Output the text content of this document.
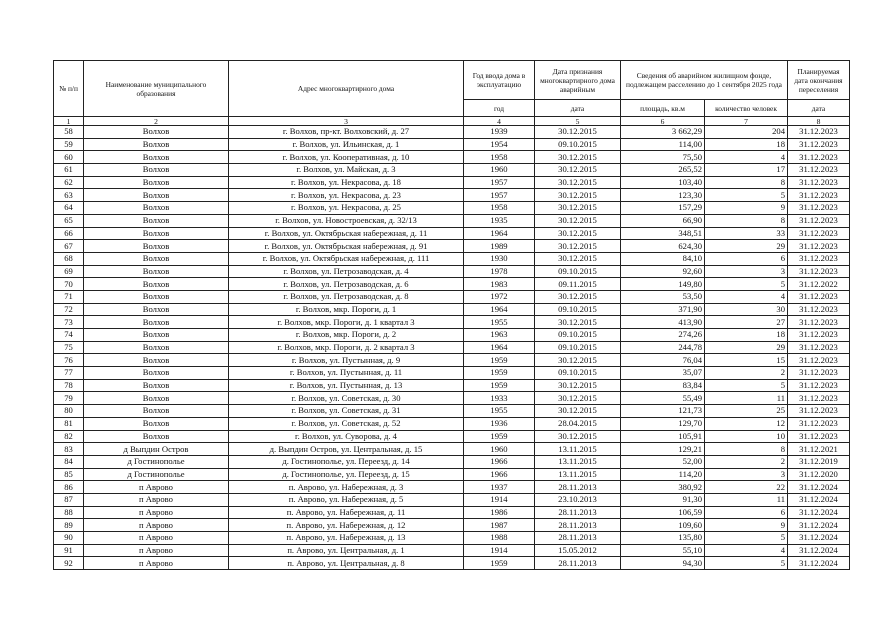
№ п/п	Наименование муниципального образования	Адрес многоквартирного дома	Год ввода дома в эксплуатацию	Дата признания многоквартирного дома аварийным	Сведения об аварийном жилищном фонде, подлежащем расселению до 1 сентября 2025 года		Планируемая дата окончания переселения
			год	дата	площадь, кв.м	количество человек	дата
1	2	3	4	5	6	7	8
58	Волхов	г. Волхов, пр-кт. Волховский, д. 27	1939	30.12.2015	3 662,29	204	31.12.2023
59	Волхов	г. Волхов, ул. Ильинская, д. 1	1954	09.10.2015	114,00	18	31.12.2023
60	Волхов	г. Волхов, ул. Кооперативная, д. 10	1958	30.12.2015	75,50	4	31.12.2023
61	Волхов	г. Волхов, ул. Майская, д. 3	1960	30.12.2015	265,52	17	31.12.2023
62	Волхов	г. Волхов, ул. Некрасова, д. 18	1957	30.12.2015	103,40	8	31.12.2023
63	Волхов	г. Волхов, ул. Некрасова, д. 23	1957	30.12.2015	123,30	5	31.12.2023
64	Волхов	г. Волхов, ул. Некрасова, д. 25	1958	30.12.2015	157,29	9	31.12.2023
65	Волхов	г. Волхов, ул. Новостроевская, д. 32/13	1935	30.12.2015	66,90	8	31.12.2023
66	Волхов	г. Волхов, ул. Октябрьская набережная, д. 11	1964	30.12.2015	348,51	33	31.12.2023
67	Волхов	г. Волхов, ул. Октябрьская набережная, д. 91	1989	30.12.2015	624,30	29	31.12.2023
68	Волхов	г. Волхов, ул. Октябрьская набережная, д. 111	1930	30.12.2015	84,10	6	31.12.2023
69	Волхов	г. Волхов, ул. Петрозаводская, д. 4	1978	09.10.2015	92,60	3	31.12.2023
70	Волхов	г. Волхов, ул. Петрозаводская, д. 6	1983	09.11.2015	149,80	5	31.12.2022
71	Волхов	г. Волхов, ул. Петрозаводская, д. 8	1972	30.12.2015	53,50	4	31.12.2023
72	Волхов	г. Волхов, мкр. Пороги, д. 1	1964	09.10.2015	371,90	30	31.12.2023
73	Волхов	г. Волхов, мкр. Пороги, д. 1 квартал 3	1955	30.12.2015	413,90	27	31.12.2023
74	Волхов	г. Волхов, мкр. Пороги, д. 2	1963	09.10.2015	274,26	18	31.12.2023
75	Волхов	г. Волхов, мкр. Пороги, д. 2 квартал 3	1964	09.10.2015	244,78	29	31.12.2023
76	Волхов	г. Волхов, ул. Пустынная, д. 9	1959	30.12.2015	76,04	15	31.12.2023
77	Волхов	г. Волхов, ул. Пустынная, д. 11	1959	09.10.2015	35,07	2	31.12.2023
78	Волхов	г. Волхов, ул. Пустынная, д. 13	1959	30.12.2015	83,84	5	31.12.2023
79	Волхов	г. Волхов, ул. Советская, д. 30	1933	30.12.2015	55,49	11	31.12.2023
80	Волхов	г. Волхов, ул. Советская, д. 31	1955	30.12.2015	121,73	25	31.12.2023
81	Волхов	г. Волхов, ул. Советская, д. 52	1936	28.04.2015	129,70	12	31.12.2023
82	Волхов	г. Волхов, ул. Суворова, д. 4	1959	30.12.2015	105,91	10	31.12.2023
83	д Выпдин Остров	д. Выпдин Остров, ул. Центральная, д. 15	1960	13.11.2015	129,21	8	31.12.2021
84	д Гостинополье	д. Гостинополье, ул. Переезд, д. 14	1966	13.11.2015	52,00	2	31.12.2019
85	д Гостинополье	д. Гостинополье, ул. Переезд, д. 15	1966	13.11.2015	114,20	3	31.12.2020
86	п Аврово	п. Аврово, ул. Набережная, д. 3	1937	28.11.2013	380,92	22	31.12.2024
87	п Аврово	п. Аврово, ул. Набережная, д. 5	1914	23.10.2013	91,30	11	31.12.2024
88	п Аврово	п. Аврово, ул. Набережная, д. 11	1986	28.11.2013	106,59	6	31.12.2024
89	п Аврово	п. Аврово, ул. Набережная, д. 12	1987	28.11.2013	109,60	9	31.12.2024
90	п Аврово	п. Аврово, ул. Набережная, д. 13	1988	28.11.2013	135,80	5	31.12.2024
91	п Аврово	п. Аврово, ул. Центральная, д. 1	1914	15.05.2012	55,10	4	31.12.2024
92	п Аврово	п. Аврово, ул. Центральная, д. 8	1959	28.11.2013	94,30	5	31.12.2024
